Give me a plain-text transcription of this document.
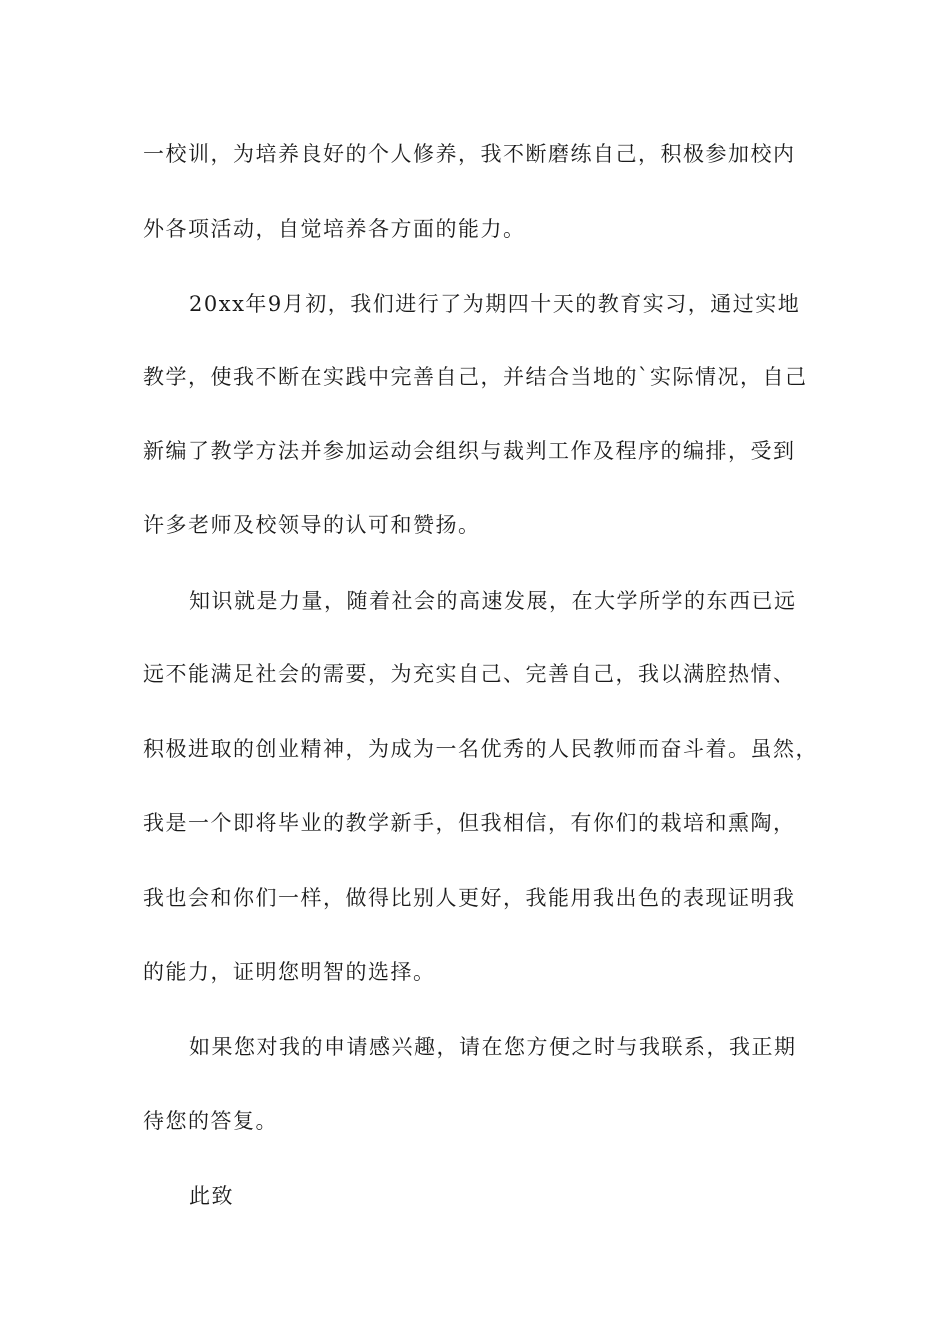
一校训，为培养良好的个人修养，我不断磨练自己，积极参加校内
外各项活动，自觉培养各方面的能力。
20xx年9月初，我们进行了为期四十天的教育实习，通过实地
教学，使我不断在实践中完善自己，并结合当地的`实际情况，自己
新编了教学方法并参加运动会组织与裁判工作及程序的编排，受到
许多老师及校领导的认可和赞扬。
知识就是力量，随着社会的高速发展，在大学所学的东西已远
远不能满足社会的需要，为充实自己、完善自己，我以满腔热情、
积极进取的创业精神，为成为一名优秀的人民教师而奋斗着。虽然，
我是一个即将毕业的教学新手，但我相信，有你们的栽培和熏陶，
我也会和你们一样，做得比别人更好，我能用我出色的表现证明我
的能力，证明您明智的选择。
如果您对我的申请感兴趣，请在您方便之时与我联系，我正期
待您的答复。
此致
